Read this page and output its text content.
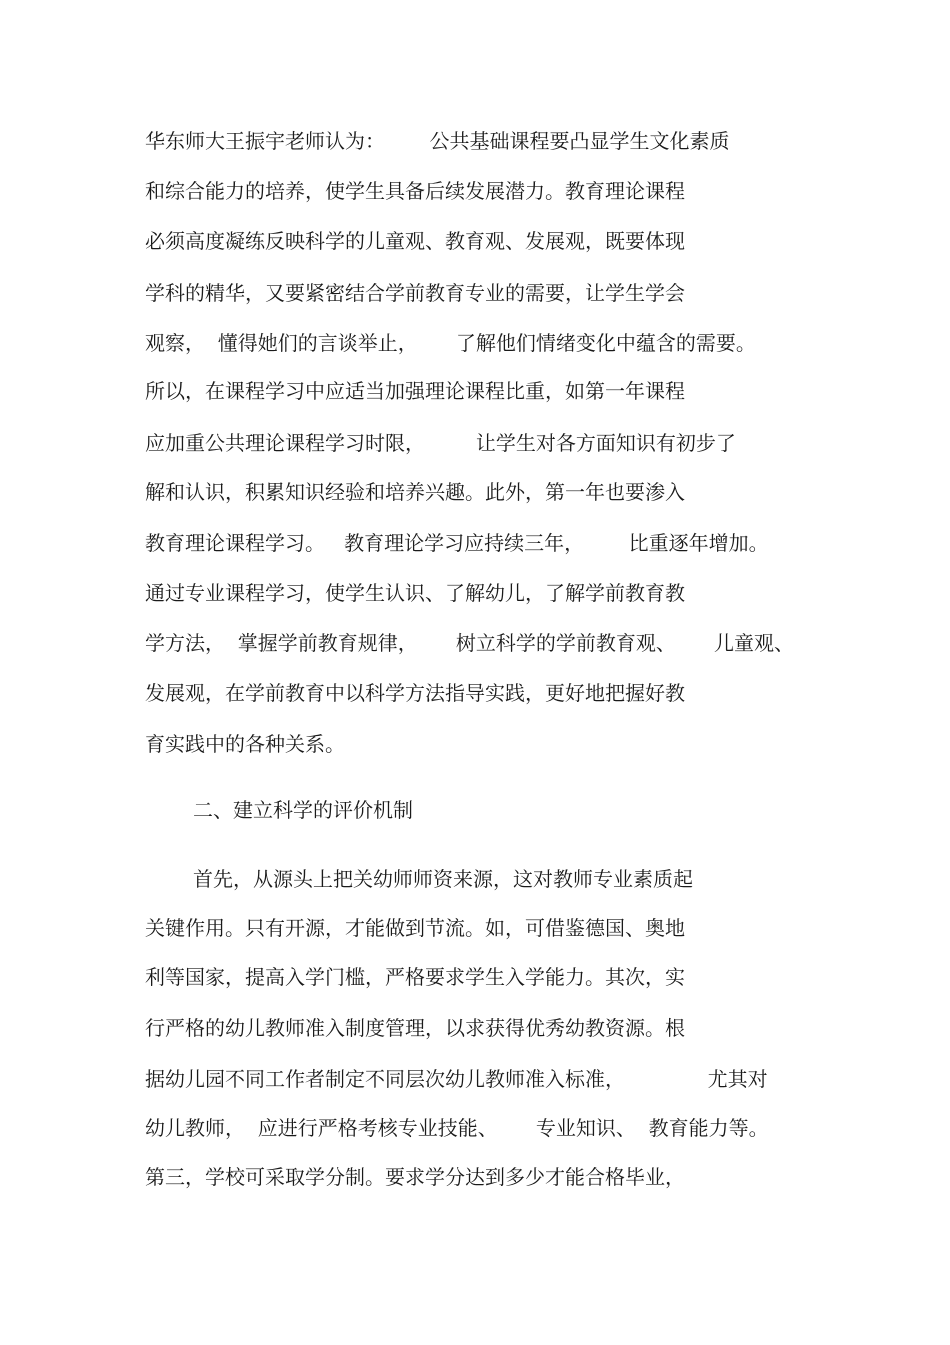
华东师大王振宇老师认为：       公共基础课程要凸显学生文化素质
和综合能力的培养，使学生具备后续发展潜力。教育理论课程
必须高度凝练反映科学的儿童观、教育观、发展观，既要体现
学科的精华，又要紧密结合学前教育专业的需要，让学生学会
观察，  懂得她们的言谈举止，      了解他们情绪变化中蕴含的需要。
所以，在课程学习中应适当加强理论课程比重，如第一年课程
应加重公共理论课程学习时限，        让学生对各方面知识有初步了
解和认识，积累知识经验和培养兴趣。此外，第一年也要渗入
教育理论课程学习。   教育理论学习应持续三年，       比重逐年增加。
通过专业课程学习，使学生认识、了解幼儿，了解学前教育教
学方法，  掌握学前教育规律，      树立科学的学前教育观、      儿童观、
发展观，在学前教育中以科学方法指导实践，更好地把握好教
育实践中的各种关系。
二、建立科学的评价机制
首先，从源头上把关幼师师资来源，这对教师专业素质起
关键作用。只有开源，才能做到节流。如，可借鉴德国、奥地
利等国家，提高入学门槛，严格要求学生入学能力。其次，实
行严格的幼儿教师准入制度管理，以求获得优秀幼教资源。根
据幼儿园不同工作者制定不同层次幼儿教师准入标准，             尤其对
幼儿教师，  应进行严格考核专业技能、      专业知识、  教育能力等。
第三，学校可采取学分制。要求学分达到多少才能合格毕业，
